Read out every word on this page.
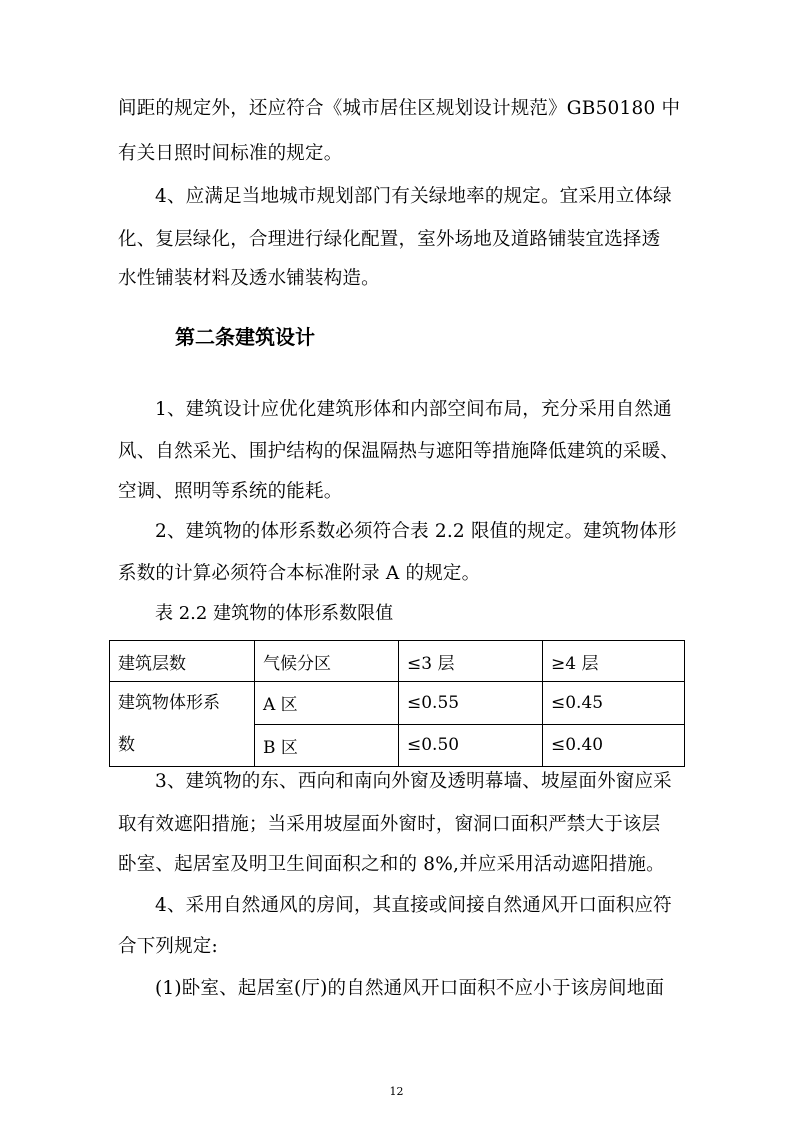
间距的规定外，还应符合《城市居住区规划设计规范》GB50180 中
有关日照时间标准的规定。
4、应满足当地城市规划部门有关绿地率的规定。宜采用立体绿
化、复层绿化，合理进行绿化配置，室外场地及道路铺装宜选择透
水性铺装材料及透水铺装构造。
第二条建筑设计
1、建筑设计应优化建筑形体和内部空间布局，充分采用自然通
风、自然采光、围护结构的保温隔热与遮阳等措施降低建筑的采暖、
空调、照明等系统的能耗。
2、建筑物的体形系数必须符合表 2.2 限值的规定。建筑物体形
系数的计算必须符合本标准附录 A 的规定。
表 2.2 建筑物的体形系数限值
建筑层数	气候分区	≤3 层	≥4 层

建筑物体形系
数	A 区	≤0.55	≤0.45
	B 区	≤0.50	≤0.40
3、建筑物的东、西向和南向外窗及透明幕墙、坡屋面外窗应采
取有效遮阳措施；当采用坡屋面外窗时，窗洞口面积严禁大于该层
卧室、起居室及明卫生间面积之和的 8%,并应采用活动遮阳措施。
4、采用自然通风的房间，其直接或间接自然通风开口面积应符
合下列规定:
(1)卧室、起居室(厅)的自然通风开口面积不应小于该房间地面
12
